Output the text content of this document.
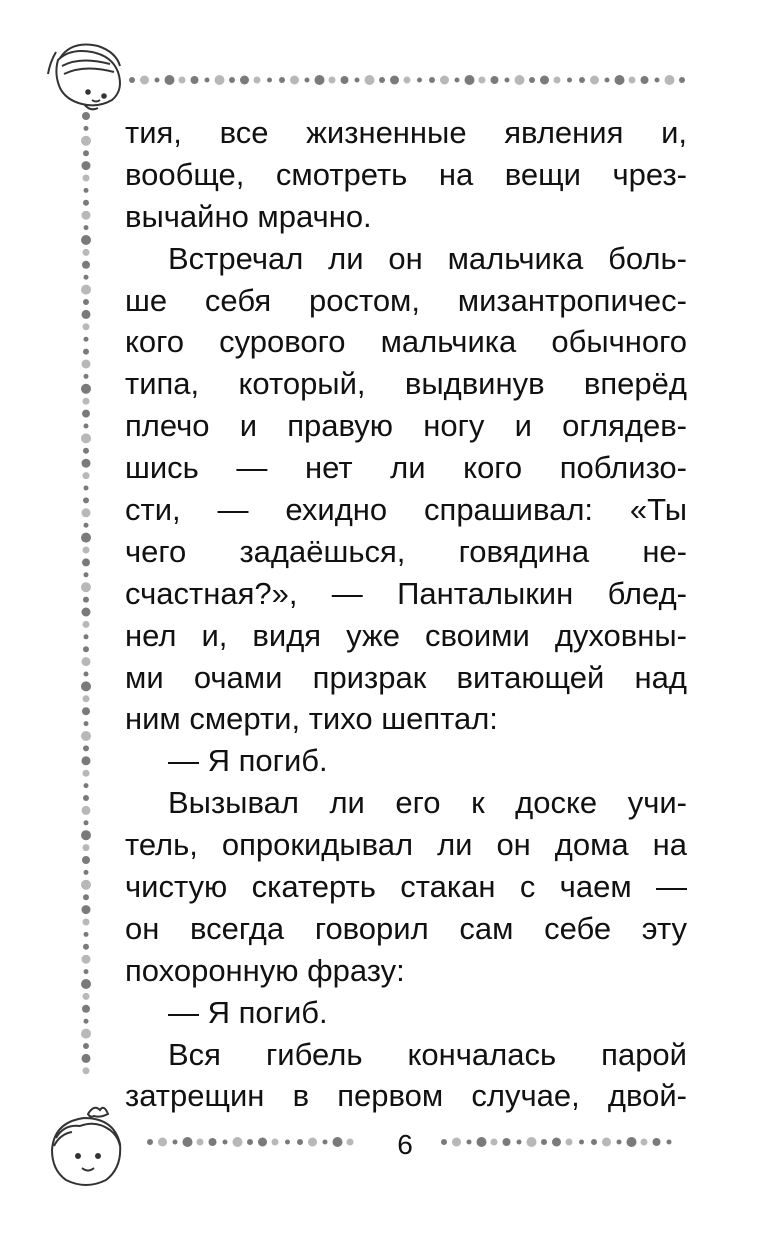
тия, все жизненные явления и,
вообще, смотреть на вещи чрез-
вычайно мрачно.
Встречал ли он мальчика боль-
ше себя ростом, мизантропичес-
кого сурового мальчика обычного
типа, который, выдвинув вперёд
плечо и правую ногу и оглядев-
шись — нет ли кого поблизо-
сти, — ехидно спрашивал: «Ты
чего задаёшься, говядина не-
счастная?», — Панталыкин блед-
нел и, видя уже своими духовны-
ми очами призрак витающей над
ним смерти, тихо шептал:
— Я погиб.
Вызывал ли его к доске учи-
тель, опрокидывал ли он дома на
чистую скатерть стакан с чаем —
он всегда говорил сам себе эту
похоронную фразу:
— Я погиб.
Вся гибель кончалась парой
затрещин в первом случае, двой-
6
